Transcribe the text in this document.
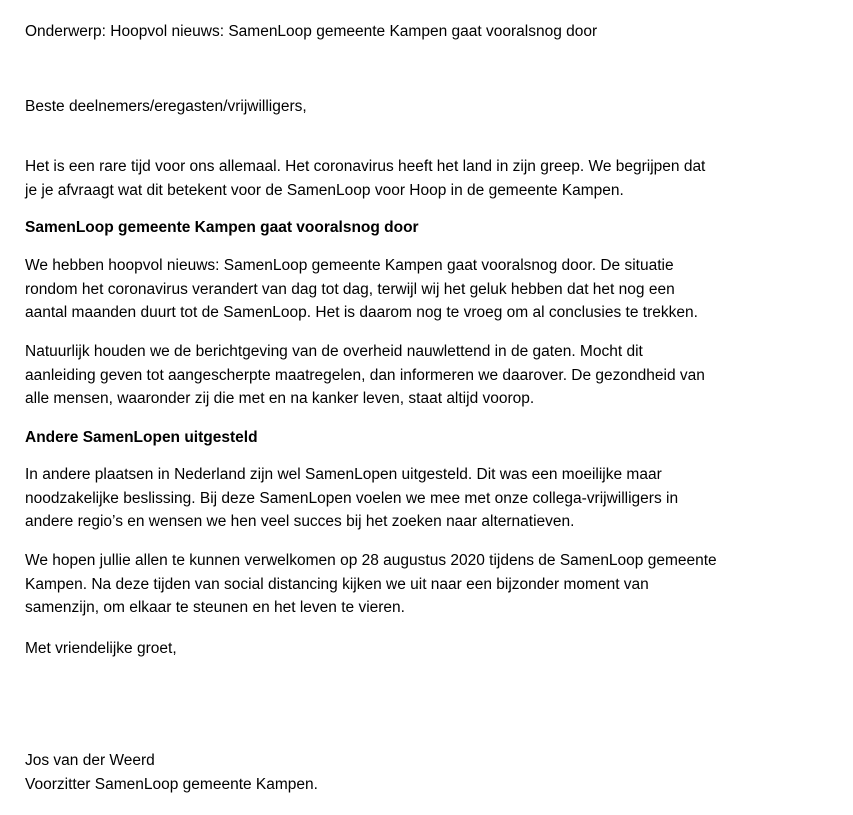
Onderwerp: Hoopvol nieuws: SamenLoop gemeente Kampen gaat vooralsnog door
Beste deelnemers/eregasten/vrijwilligers,
Het is een rare tijd voor ons allemaal. Het coronavirus heeft het land in zijn greep. We begrijpen dat
je je afvraagt wat dit betekent voor de SamenLoop voor Hoop in de gemeente Kampen.
SamenLoop gemeente Kampen gaat vooralsnog door
We hebben hoopvol nieuws: SamenLoop gemeente Kampen gaat vooralsnog door. De situatie
rondom het coronavirus verandert van dag tot dag, terwijl wij het geluk hebben dat het nog een
aantal maanden duurt tot de SamenLoop. Het is daarom nog te vroeg om al conclusies te trekken.
Natuurlijk houden we de berichtgeving van de overheid nauwlettend in de gaten. Mocht dit
aanleiding geven tot aangescherpte maatregelen, dan informeren we daarover. De gezondheid van
alle mensen, waaronder zij die met en na kanker leven, staat altijd voorop.
Andere SamenLopen uitgesteld
In andere plaatsen in Nederland zijn wel SamenLopen uitgesteld. Dit was een moeilijke maar
noodzakelijke beslissing. Bij deze SamenLopen voelen we mee met onze collega-vrijwilligers in
andere regio’s en wensen we hen veel succes bij het zoeken naar alternatieven.
We hopen jullie allen te kunnen verwelkomen op 28 augustus 2020 tijdens de SamenLoop gemeente
Kampen. Na deze tijden van social distancing kijken we uit naar een bijzonder moment van
samenzijn, om elkaar te steunen en het leven te vieren.
Met vriendelijke groet,
Jos van der Weerd
Voorzitter SamenLoop gemeente Kampen.
